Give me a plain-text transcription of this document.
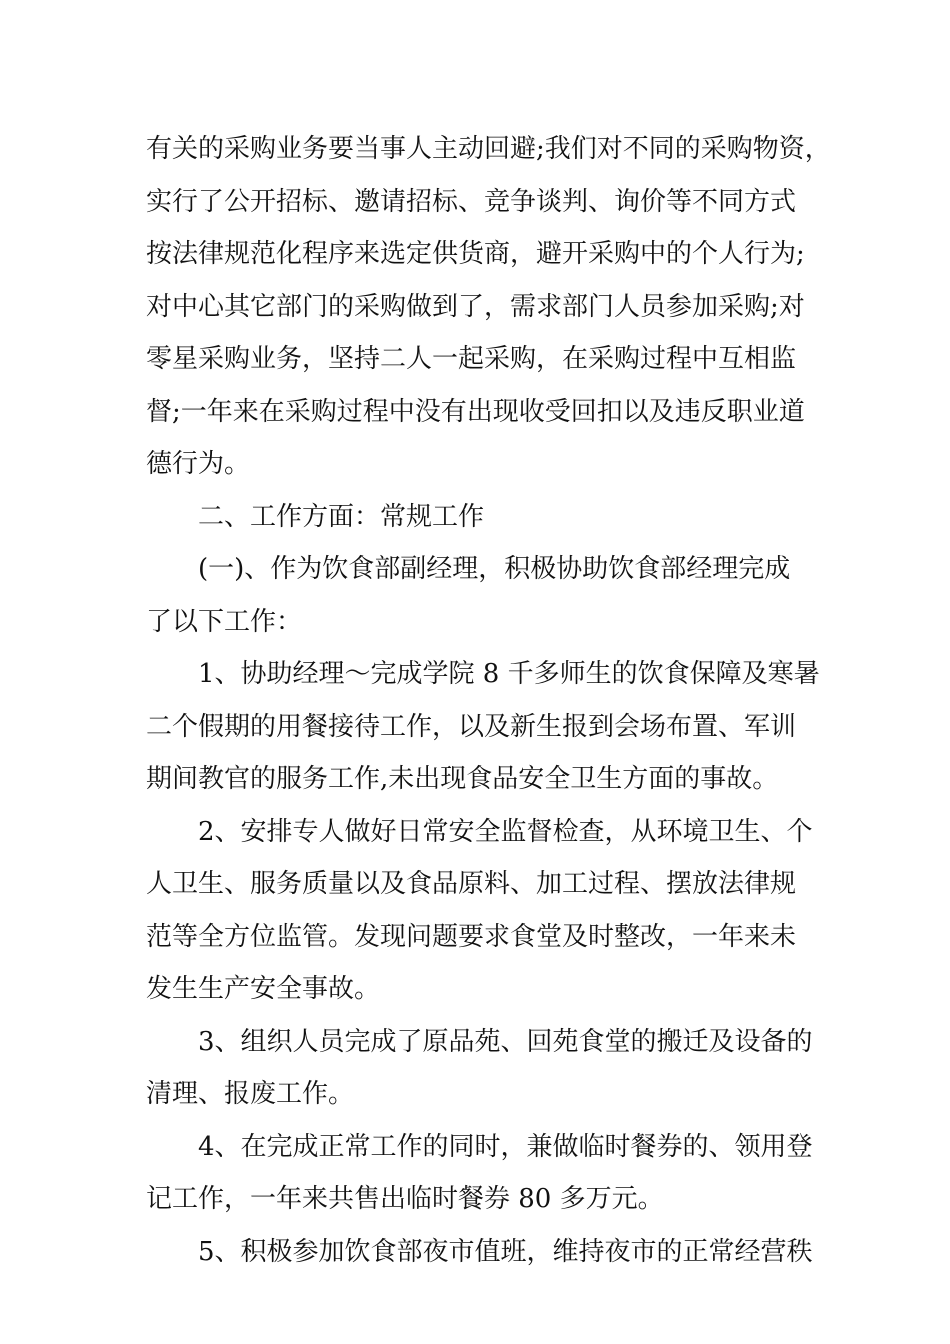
有关的采购业务要当事人主动回避;我们对不同的采购物资，
实行了公开招标、邀请招标、竞争谈判、询价等不同方式
按法律规范化程序来选定供货商，避开采购中的个人行为;
对中心其它部门的采购做到了，需求部门人员参加采购;对
零星采购业务，坚持二人一起采购，在采购过程中互相监
督;一年来在采购过程中没有出现收受回扣以及违反职业道
德行为。
二、工作方面：常规工作
(一)、作为饮食部副经理，积极协助饮食部经理完成
了以下工作：
1、协助经理～完成学院 8 千多师生的饮食保障及寒暑
二个假期的用餐接待工作，以及新生报到会场布置、军训
期间教官的服务工作,未出现食品安全卫生方面的事故。
2、安排专人做好日常安全监督检查，从环境卫生、个
人卫生、服务质量以及食品原料、加工过程、摆放法律规
范等全方位监管。发现问题要求食堂及时整改，一年来未
发生生产安全事故。
3、组织人员完成了原品苑、回苑食堂的搬迁及设备的
清理、报废工作。
4、在完成正常工作的同时，兼做临时餐券的、领用登
记工作，一年来共售出临时餐券 80 多万元。
5、积极参加饮食部夜市值班，维持夜市的正常经营秩
